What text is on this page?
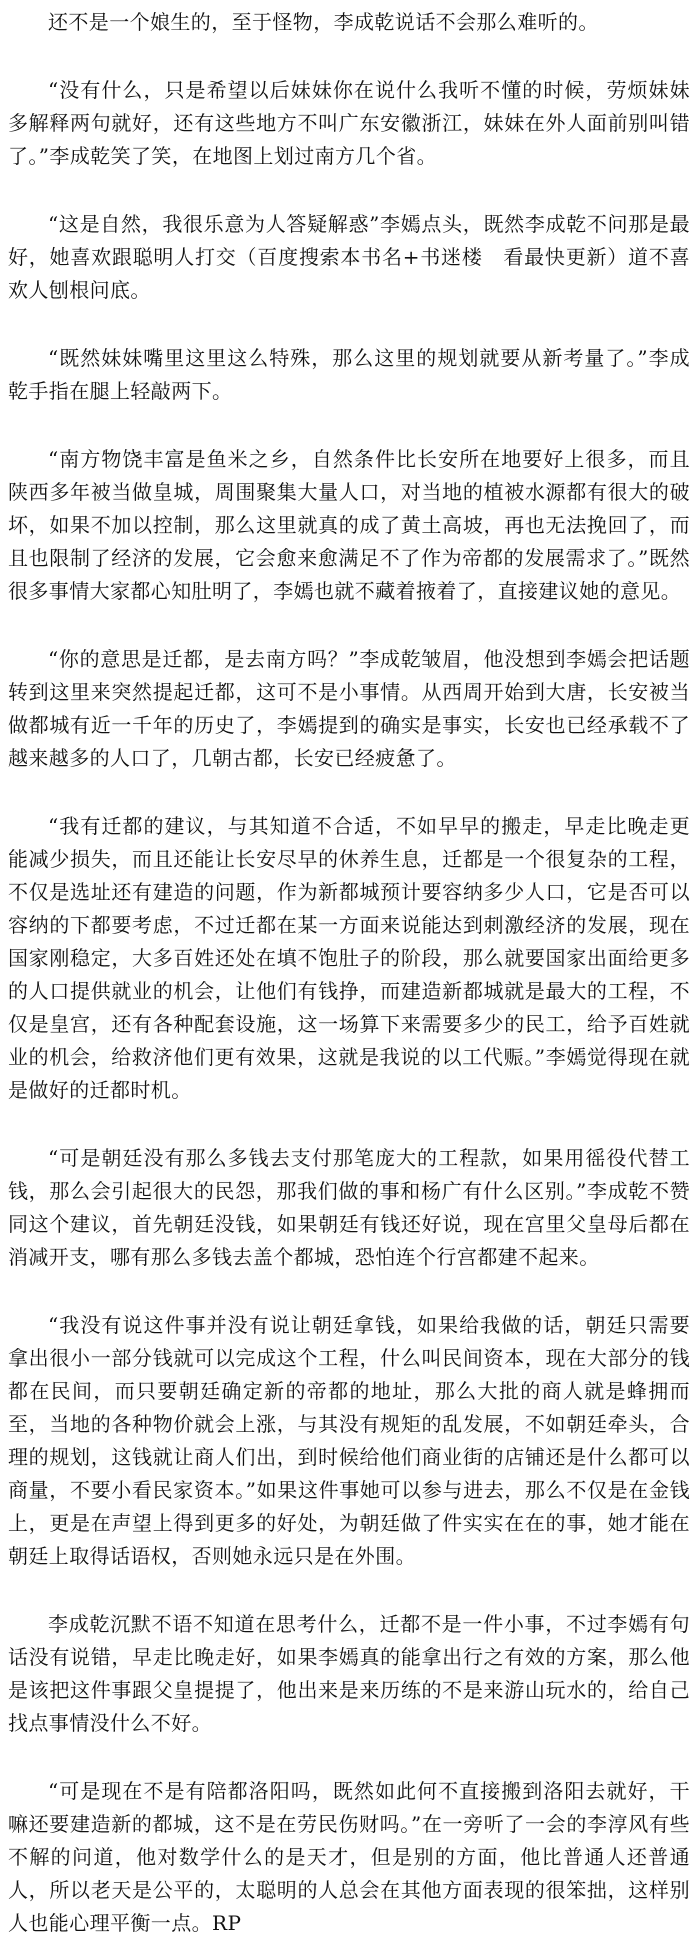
还不是一个娘生的，至于怪物，李成乾说话不会那么难听的。

“没有什么，只是希望以后妹妹你在说什么我听不懂的时候，劳烦妹妹多解释两句就好，还有这些地方不叫广东安徽浙江，妹妹在外人面前别叫错了。”李成乾笑了笑，在地图上划过南方几个省。

“这是自然，我很乐意为人答疑解惑”李嫣点头，既然李成乾不问那是最好，她喜欢跟聪明人打交（百度搜索本书名+书迷楼　看最快更新）道不喜欢人刨根问底。

“既然妹妹嘴里这里这么特殊，那么这里的规划就要从新考量了。”李成乾手指在腿上轻敲两下。

“南方物饶丰富是鱼米之乡，自然条件比长安所在地要好上很多，而且陕西多年被当做皇城，周围聚集大量人口，对当地的植被水源都有很大的破坏，如果不加以控制，那么这里就真的成了黄土高坡，再也无法挽回了，而且也限制了经济的发展，它会愈来愈满足不了作为帝都的发展需求了。”既然很多事情大家都心知肚明了，李嫣也就不藏着掖着了，直接建议她的意见。

“你的意思是迁都，是去南方吗？”李成乾皱眉，他没想到李嫣会把话题转到这里来突然提起迁都，这可不是小事情。从西周开始到大唐，长安被当做都城有近一千年的历史了，李嫣提到的确实是事实，长安也已经承载不了越来越多的人口了，几朝古都，长安已经疲惫了。

“我有迁都的建议，与其知道不合适，不如早早的搬走，早走比晚走更能减少损失，而且还能让长安尽早的休养生息，迁都是一个很复杂的工程，不仅是选址还有建造的问题，作为新都城预计要容纳多少人口，它是否可以容纳的下都要考虑，不过迁都在某一方面来说能达到刺激经济的发展，现在国家刚稳定，大多百姓还处在填不饱肚子的阶段，那么就要国家出面给更多的人口提供就业的机会，让他们有钱挣，而建造新都城就是最大的工程，不仅是皇宫，还有各种配套设施，这一场算下来需要多少的民工，给予百姓就业的机会，给救济他们更有效果，这就是我说的以工代赈。”李嫣觉得现在就是做好的迁都时机。

“可是朝廷没有那么多钱去支付那笔庞大的工程款，如果用徭役代替工钱，那么会引起很大的民怨，那我们做的事和杨广有什么区别。”李成乾不赞同这个建议，首先朝廷没钱，如果朝廷有钱还好说，现在宫里父皇母后都在消减开支，哪有那么多钱去盖个都城，恐怕连个行宫都建不起来。

“我没有说这件事并没有说让朝廷拿钱，如果给我做的话，朝廷只需要拿出很小一部分钱就可以完成这个工程，什么叫民间资本，现在大部分的钱都在民间，而只要朝廷确定新的帝都的地址，那么大批的商人就是蜂拥而至，当地的各种物价就会上涨，与其没有规矩的乱发展，不如朝廷牵头，合理的规划，这钱就让商人们出，到时候给他们商业街的店铺还是什么都可以商量，不要小看民家资本。”如果这件事她可以参与进去，那么不仅是在金钱上，更是在声望上得到更多的好处，为朝廷做了件实实在在的事，她才能在朝廷上取得话语权，否则她永远只是在外围。

李成乾沉默不语不知道在思考什么，迁都不是一件小事，不过李嫣有句话没有说错，早走比晚走好，如果李嫣真的能拿出行之有效的方案，那么他是该把这件事跟父皇提提了，他出来是来历练的不是来游山玩水的，给自己找点事情没什么不好。

“可是现在不是有陪都洛阳吗，既然如此何不直接搬到洛阳去就好，干嘛还要建造新的都城，这不是在劳民伤财吗。”在一旁听了一会的李淳风有些不解的问道，他对数学什么的是天才，但是别的方面，他比普通人还普通人，所以老天是公平的，太聪明的人总会在其他方面表现的很笨拙，这样别人也能心理平衡一点。RP
